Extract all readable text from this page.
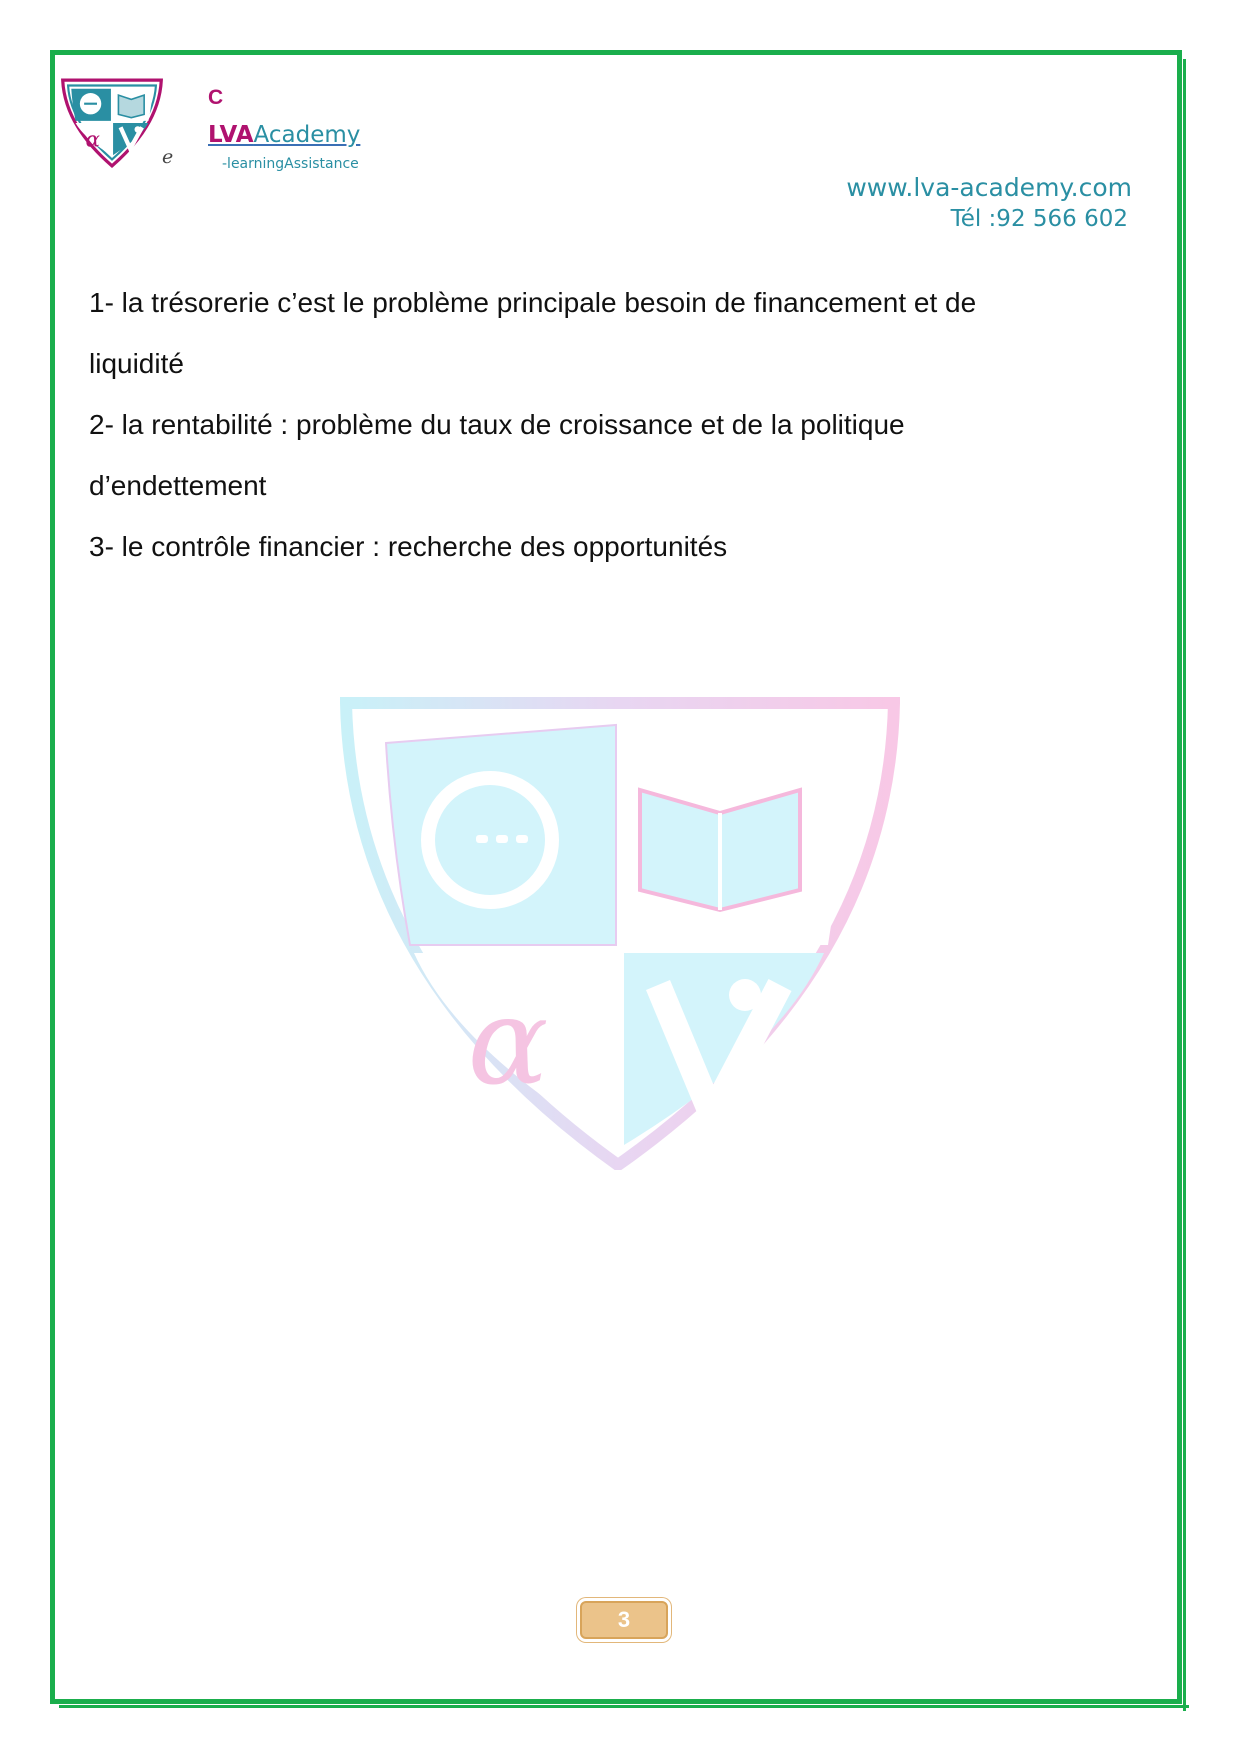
α
e
C
LVAAcademy
-learningAssistance
www.lva-academy.com
Tél :92 566 602

1- la trésorerie c’est le problème principale besoin de financement et de

liquidité

2- la rentabilité : problème du taux de croissance et de la politique

d’endettement

3- le contrôle financier : recherche des opportunités

α
3
